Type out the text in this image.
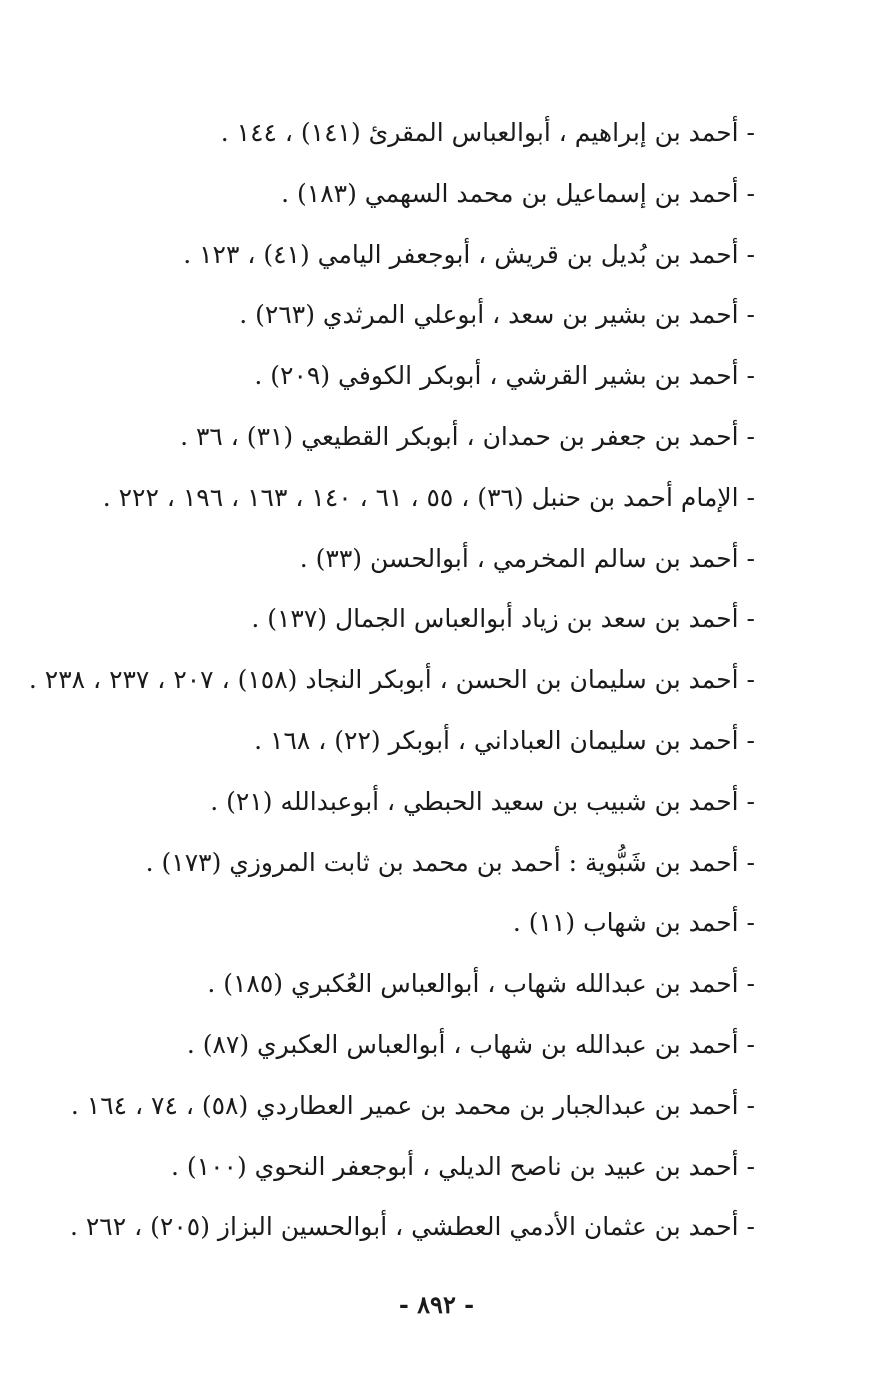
- أحمد بن إبراهيم ، أبوالعباس المقرئ (١٤١) ، ١٤٤ .
- أحمد بن إسماعيل بن محمد السهمي (١٨٣) .
- أحمد بن بُديل بن قريش ، أبوجعفر اليامي (٤١) ، ١٢٣ .
- أحمد بن بشير بن سعد ، أبوعلي المرثدي (٢٦٣) .
- أحمد بن بشير القرشي ، أبوبكر الكوفي (٢٠٩) .
- أحمد بن جعفر بن حمدان ، أبوبكر القطيعي (٣١) ، ٣٦ .
- الإمام أحمد بن حنبل (٣٦) ، ٥٥ ، ٦١ ، ١٤٠ ، ١٦٣ ، ١٩٦ ، ٢٢٢ .
- أحمد بن سالم المخرمي ، أبوالحسن (٣٣) .
- أحمد بن سعد بن زياد أبوالعباس الجمال (١٣٧) .
- أحمد بن سليمان بن الحسن ، أبوبكر النجاد (١٥٨) ، ٢٠٧ ، ٢٣٧ ، ٢٣٨ .
- أحمد بن سليمان العباداني ، أبوبكر (٢٢) ، ١٦٨ .
- أحمد بن شبيب بن سعيد الحبطي ، أبوعبدالله (٢١) .
- أحمد بن شَبُّوية : أحمد بن محمد بن ثابت المروزي (١٧٣) .
- أحمد بن شهاب (١١) .
- أحمد بن عبدالله شهاب ، أبوالعباس العُكبري (١٨٥) .
- أحمد بن عبدالله بن شهاب ، أبوالعباس العكبري (٨٧) .
- أحمد بن عبدالجبار بن محمد بن عمير العطاردي (٥٨) ، ٧٤ ، ١٦٤ .
- أحمد بن عبيد بن ناصح الديلي ، أبوجعفر النحوي (١٠٠) .
- أحمد بن عثمان الأدمي العطشي ، أبوالحسين البزاز (٢٠٥) ، ٢٦٢ .
- ٨٩٢ -
